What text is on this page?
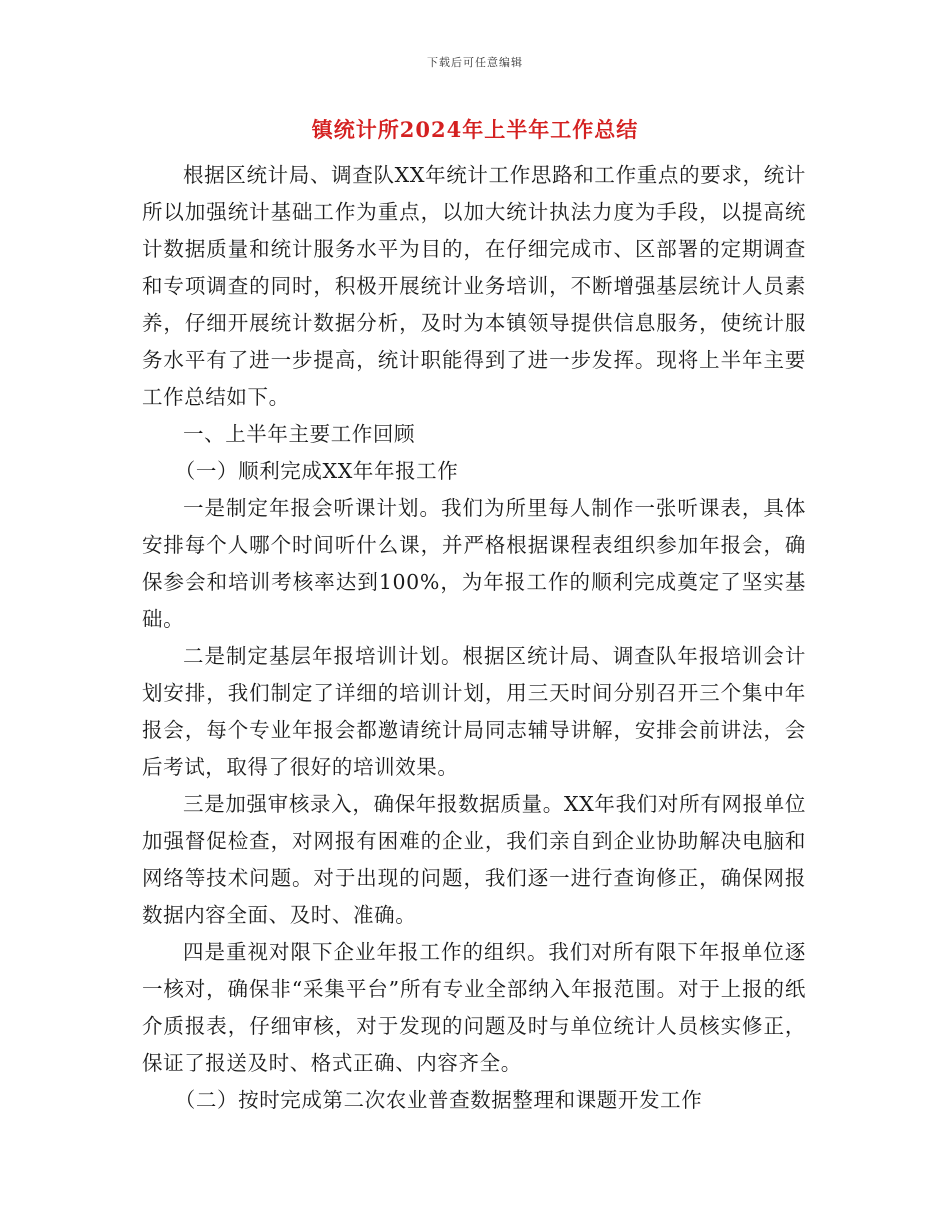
下载后可任意编辑
镇统计所2024年上半年工作总结

根据区统计局、调查队XX年统计工作思路和工作重点的要求，统计所以加强统计基础工作为重点，以加大统计执法力度为手段，以提高统计数据质量和统计服务水平为目的，在仔细完成市、区部署的定期调查和专项调查的同时，积极开展统计业务培训，不断增强基层统计人员素养，仔细开展统计数据分析，及时为本镇领导提供信息服务，使统计服务水平有了进一步提高，统计职能得到了进一步发挥。现将上半年主要工作总结如下。

一、上半年主要工作回顾

（一）顺利完成XX年年报工作

一是制定年报会听课计划。我们为所里每人制作一张听课表，具体安排每个人哪个时间听什么课，并严格根据课程表组织参加年报会，确保参会和培训考核率达到100%，为年报工作的顺利完成奠定了坚实基础。

二是制定基层年报培训计划。根据区统计局、调查队年报培训会计划安排，我们制定了详细的培训计划，用三天时间分别召开三个集中年报会，每个专业年报会都邀请统计局同志辅导讲解，安排会前讲法，会后考试，取得了很好的培训效果。

三是加强审核录入，确保年报数据质量。XX年我们对所有网报单位加强督促检查，对网报有困难的企业，我们亲自到企业协助解决电脑和网络等技术问题。对于出现的问题，我们逐一进行查询修正，确保网报数据内容全面、及时、准确。

四是重视对限下企业年报工作的组织。我们对所有限下年报单位逐一核对，确保非“采集平台”所有专业全部纳入年报范围。对于上报的纸介质报表，仔细审核，对于发现的问题及时与单位统计人员核实修正，保证了报送及时、格式正确、内容齐全。

（二）按时完成第二次农业普查数据整理和课题开发工作
